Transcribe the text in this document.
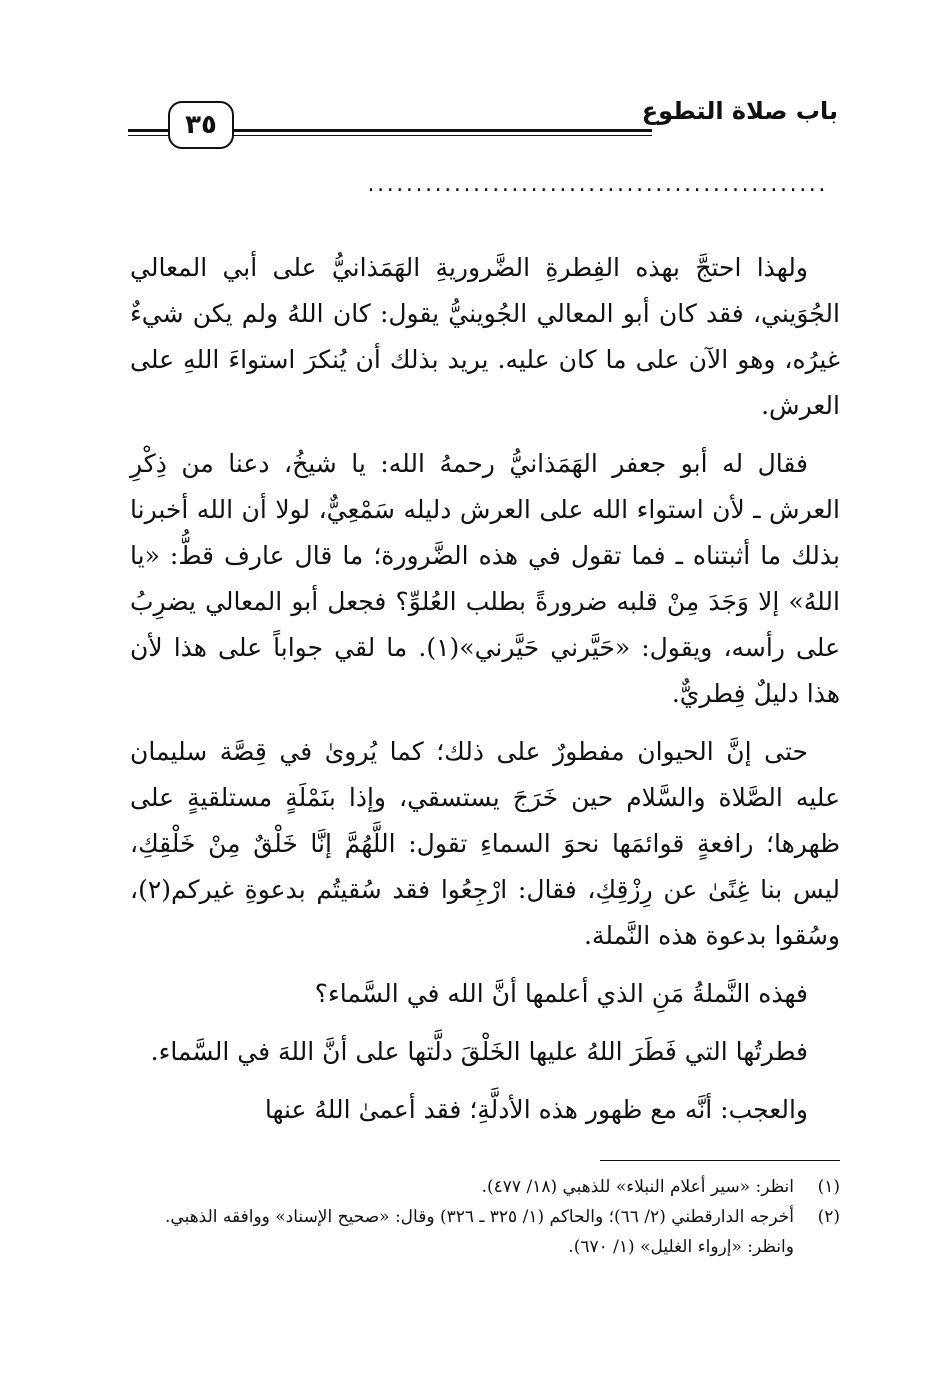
باب صلاة التطوع
٣٥
................................................

ولهذا احتجَّ بهذه الفِطرةِ الضَّروريةِ الهَمَذانيُّ على أبي المعالي الجُوَيني، فقد كان أبو المعالي الجُوينيُّ يقول: كان اللهُ ولم يكن شيءٌ غيرُه، وهو الآن على ما كان عليه. يريد بذلك أن يُنكرَ استواءَ اللهِ على العرش.

فقال له أبو جعفر الهَمَذانيُّ رحمهُ الله: يا شيخُ، دعنا من ذِكْرِ العرش ـ لأن استواء الله على العرش دليله سَمْعِيٌّ، لولا أن الله أخبرنا بذلك ما أثبتناه ـ فما تقول في هذه الضَّرورة؛ ما قال عارف قطُّ: «يا اللهُ» إلا وَجَدَ مِنْ قلبه ضرورةً بطلب العُلوِّ؟ فجعل أبو المعالي يضرِبُ على رأسه، ويقول: «حَيَّرني حَيَّرني»(١). ما لقي جواباً على هذا لأن هذا دليلٌ فِطريٌّ.

حتى إنَّ الحيوان مفطورٌ على ذلك؛ كما يُروىٰ في قِصَّة سليمان عليه الصَّلاة والسَّلام حين خَرَجَ يستسقي، وإذا بنَمْلَةٍ مستلقيةٍ على ظهرها؛ رافعةٍ قوائمَها نحوَ السماءِ تقول: اللَّهُمَّ إنَّا خَلْقٌ مِنْ خَلْقِكِ، ليس بنا غِنًىٰ عن رِزْقِكِ، فقال: ارْجِعُوا فقد سُقيتُم بدعوةِ غيركم(٢)، وسُقوا بدعوة هذه النَّملة.

فهذه النَّملةُ مَنِ الذي أعلمها أنَّ الله في السَّماء؟

فطرتُها التي فَطَرَ اللهُ عليها الخَلْقَ دلَّتها على أنَّ اللهَ في السَّماء.

والعجب: أنَّه مع ظهور هذه الأدلَّةِ؛ فقد أعمىٰ اللهُ عنها

(١)
انظر: «سير أعلام النبلاء» للذهبي (١٨/ ٤٧٧).
(٢)
أخرجه الدارقطني (٢/ ٦٦)؛ والحاكم (١/ ٣٢٥ ـ ٣٢٦) وقال: «صحيح الإسناد» ووافقه الذهبي. وانظر: «إرواء الغليل» (١/ ٦٧٠).
